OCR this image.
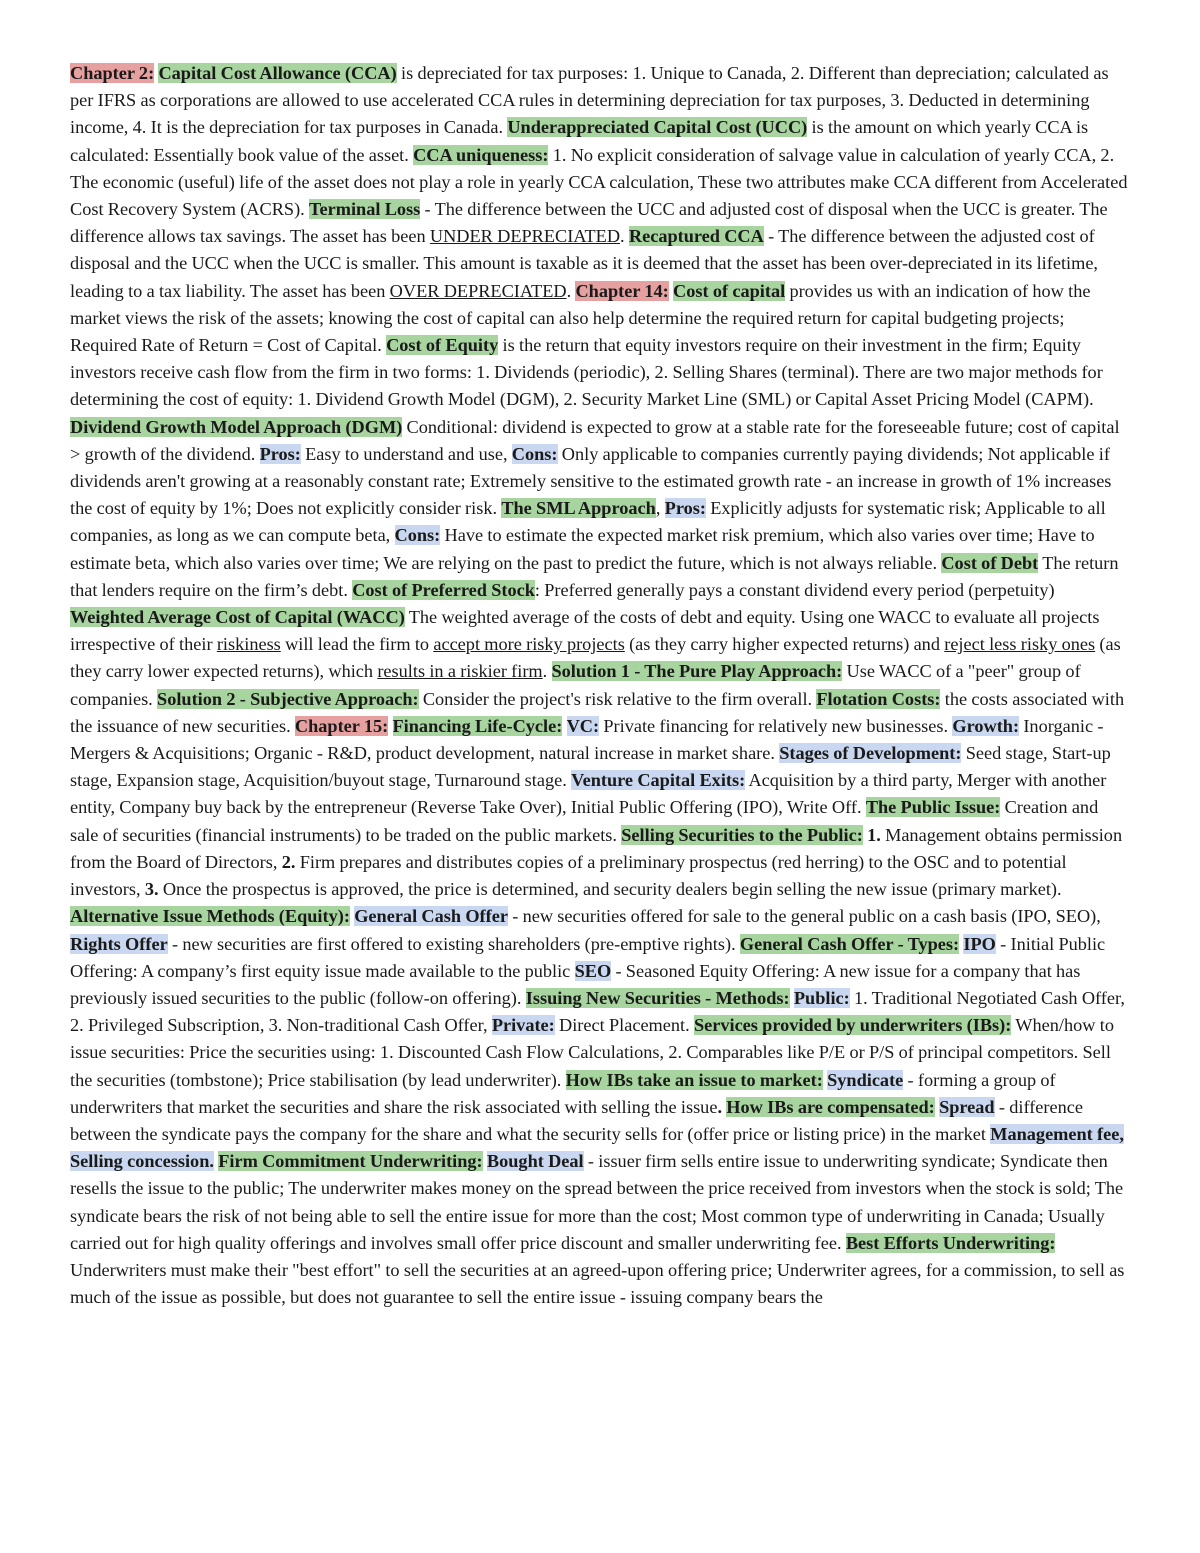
Chapter 2: Capital Cost Allowance (CCA) is depreciated for tax purposes: 1. Unique to Canada, 2. Different than depreciation; calculated as per IFRS as corporations are allowed to use accelerated CCA rules in determining depreciation for tax purposes, 3. Deducted in determining income, 4. It is the depreciation for tax purposes in Canada. Underappreciated Capital Cost (UCC) is the amount on which yearly CCA is calculated: Essentially book value of the asset. CCA uniqueness: 1. No explicit consideration of salvage value in calculation of yearly CCA, 2. The economic (useful) life of the asset does not play a role in yearly CCA calculation, These two attributes make CCA different from Accelerated Cost Recovery System (ACRS). Terminal Loss - The difference between the UCC and adjusted cost of disposal when the UCC is greater. The difference allows tax savings. The asset has been UNDER DEPRECIATED. Recaptured CCA - The difference between the adjusted cost of disposal and the UCC when the UCC is smaller. This amount is taxable as it is deemed that the asset has been over-depreciated in its lifetime, leading to a tax liability. The asset has been OVER DEPRECIATED. Chapter 14: Cost of capital provides us with an indication of how the market views the risk of the assets; knowing the cost of capital can also help determine the required return for capital budgeting projects; Required Rate of Return = Cost of Capital. Cost of Equity is the return that equity investors require on their investment in the firm; Equity investors receive cash flow from the firm in two forms: 1. Dividends (periodic), 2. Selling Shares (terminal). There are two major methods for determining the cost of equity: 1. Dividend Growth Model (DGM), 2. Security Market Line (SML) or Capital Asset Pricing Model (CAPM). Dividend Growth Model Approach (DGM) Conditional: dividend is expected to grow at a stable rate for the foreseeable future; cost of capital > growth of the dividend. Pros: Easy to understand and use, Cons: Only applicable to companies currently paying dividends; Not applicable if dividends aren't growing at a reasonably constant rate; Extremely sensitive to the estimated growth rate - an increase in growth of 1% increases the cost of equity by 1%; Does not explicitly consider risk. The SML Approach, Pros: Explicitly adjusts for systematic risk; Applicable to all companies, as long as we can compute beta, Cons: Have to estimate the expected market risk premium, which also varies over time; Have to estimate beta, which also varies over time; We are relying on the past to predict the future, which is not always reliable. Cost of Debt The return that lenders require on the firm’s debt. Cost of Preferred Stock: Preferred generally pays a constant dividend every period (perpetuity) Weighted Average Cost of Capital (WACC) The weighted average of the costs of debt and equity. Using one WACC to evaluate all projects irrespective of their riskiness will lead the firm to accept more risky projects (as they carry higher expected returns) and reject less risky ones (as they carry lower expected returns), which results in a riskier firm. Solution 1 - The Pure Play Approach: Use WACC of a "peer" group of companies. Solution 2 - Subjective Approach: Consider the project's risk relative to the firm overall. Flotation Costs: the costs associated with the issuance of new securities. Chapter 15: Financing Life-Cycle: VC: Private financing for relatively new businesses. Growth: Inorganic - Mergers & Acquisitions; Organic - R&D, product development, natural increase in market share. Stages of Development: Seed stage, Start-up stage, Expansion stage, Acquisition/buyout stage, Turnaround stage. Venture Capital Exits: Acquisition by a third party, Merger with another entity, Company buy back by the entrepreneur (Reverse Take Over), Initial Public Offering (IPO), Write Off. The Public Issue: Creation and sale of securities (financial instruments) to be traded on the public markets. Selling Securities to the Public: 1. Management obtains permission from the Board of Directors, 2. Firm prepares and distributes copies of a preliminary prospectus (red herring) to the OSC and to potential investors, 3. Once the prospectus is approved, the price is determined, and security dealers begin selling the new issue (primary market). Alternative Issue Methods (Equity): General Cash Offer - new securities offered for sale to the general public on a cash basis (IPO, SEO), Rights Offer - new securities are first offered to existing shareholders (pre-emptive rights). General Cash Offer - Types: IPO - Initial Public Offering: A company’s first equity issue made available to the public SEO - Seasoned Equity Offering: A new issue for a company that has previously issued securities to the public (follow-on offering). Issuing New Securities - Methods: Public: 1. Traditional Negotiated Cash Offer, 2. Privileged Subscription, 3. Non-traditional Cash Offer, Private: Direct Placement. Services provided by underwriters (IBs): When/how to issue securities: Price the securities using: 1. Discounted Cash Flow Calculations, 2. Comparables like P/E or P/S of principal competitors. Sell the securities (tombstone); Price stabilisation (by lead underwriter). How IBs take an issue to market: Syndicate - forming a group of underwriters that market the securities and share the risk associated with selling the issue. How IBs are compensated: Spread - difference between the syndicate pays the company for the share and what the security sells for (offer price or listing price) in the market Management fee, Selling concession. Firm Commitment Underwriting: Bought Deal - issuer firm sells entire issue to underwriting syndicate; Syndicate then resells the issue to the public; The underwriter makes money on the spread between the price received from investors when the stock is sold; The syndicate bears the risk of not being able to sell the entire issue for more than the cost; Most common type of underwriting in Canada; Usually carried out for high quality offerings and involves small offer price discount and smaller underwriting fee. Best Efforts Underwriting: Underwriters must make their "best effort" to sell the securities at an agreed-upon offering price; Underwriter agrees, for a commission, to sell as much of the issue as possible, but does not guarantee to sell the entire issue - issuing company bears the
